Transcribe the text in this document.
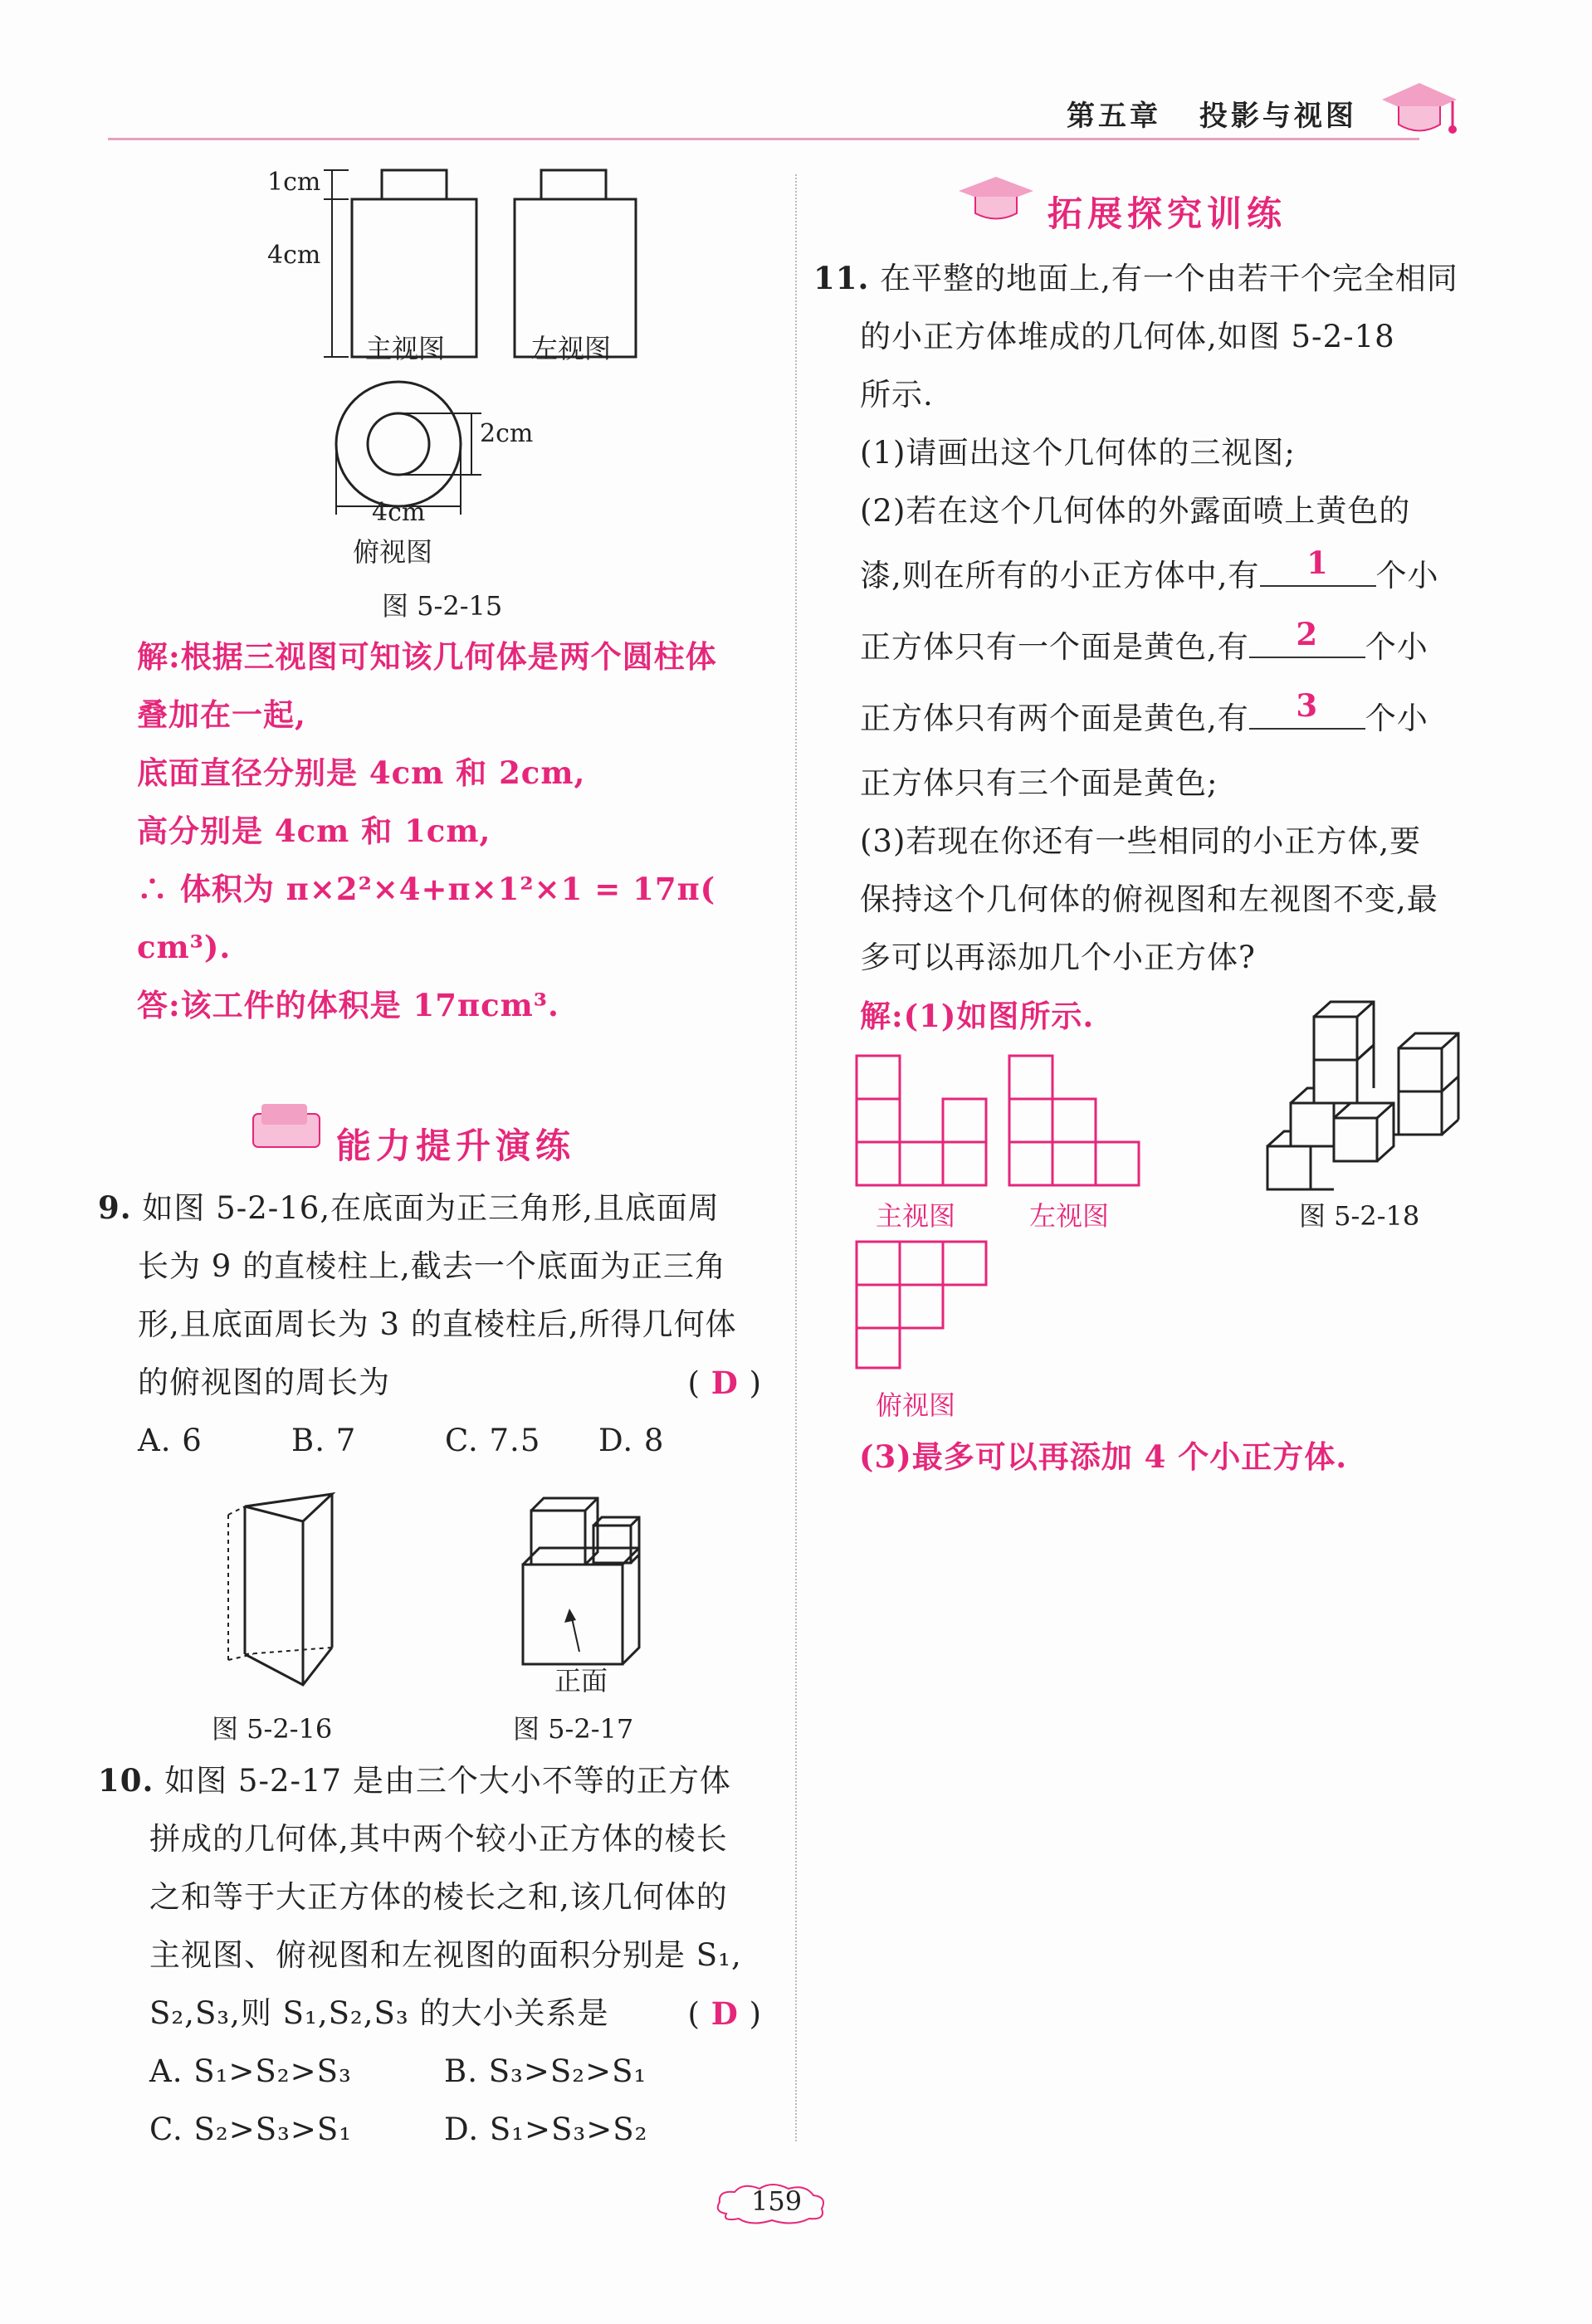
第五章 投影与视图
1cm
4cm
2cm
4cm
主视图	左视图
俯视图
图 5-2-15
解:根据三视图可知该几何体是两个圆柱体
叠加在一起,
底面直径分别是 4cm 和 2cm,
高分别是 4cm 和 1cm,
∴ 体积为 π×2²×4+π×1²×1 = 17π( cm³).
答:该工件的体积是 17πcm³.
能力提升演练
9. 如图 5-2-16,在底面为正三角形,且底面周
长为 9 的直棱柱上,截去一个底面为正三角
形,且底面周长为 3 的直棱柱后,所得几何体
的俯视图的周长为	( D )
A. 6	B. 7	C. 7.5 D. 8
图 5-2-16
正面
图 5-2-17
10. 如图 5-2-17 是由三个大小不等的正方体
拼成的几何体,其中两个较小正方体的棱长
之和等于大正方体的棱长之和,该几何体的
主视图、俯视图和左视图的面积分别是 S₁,
S₂,S₃,则 S₁,S₂,S₃ 的大小关系是	( D )
A. S₁>S₂>S₃	B. S₃>S₂>S₁
C. S₂>S₃>S₁	D. S₁>S₃>S₂
拓展探究训练
11. 在平整的地面上,有一个由若干个完全相同
的小正方体堆成的几何体,如图 5-2-18
所示.
(1)请画出这个几何体的三视图;
(2)若在这个几何体的外露面喷上黄色的
漆,则在所有的小正方体中,有 1 个小
正方体只有一个面是黄色,有 2 个小
正方体只有两个面是黄色,有 3 个小
正方体只有三个面是黄色;
(3)若现在你还有一些相同的小正方体,要
保持这个几何体的俯视图和左视图不变,最
多可以再添加几个小正方体?
解:(1)如图所示.
主视图	左视图
俯视图
图 5-2-18
(3)最多可以再添加 4 个小正方体.
159
